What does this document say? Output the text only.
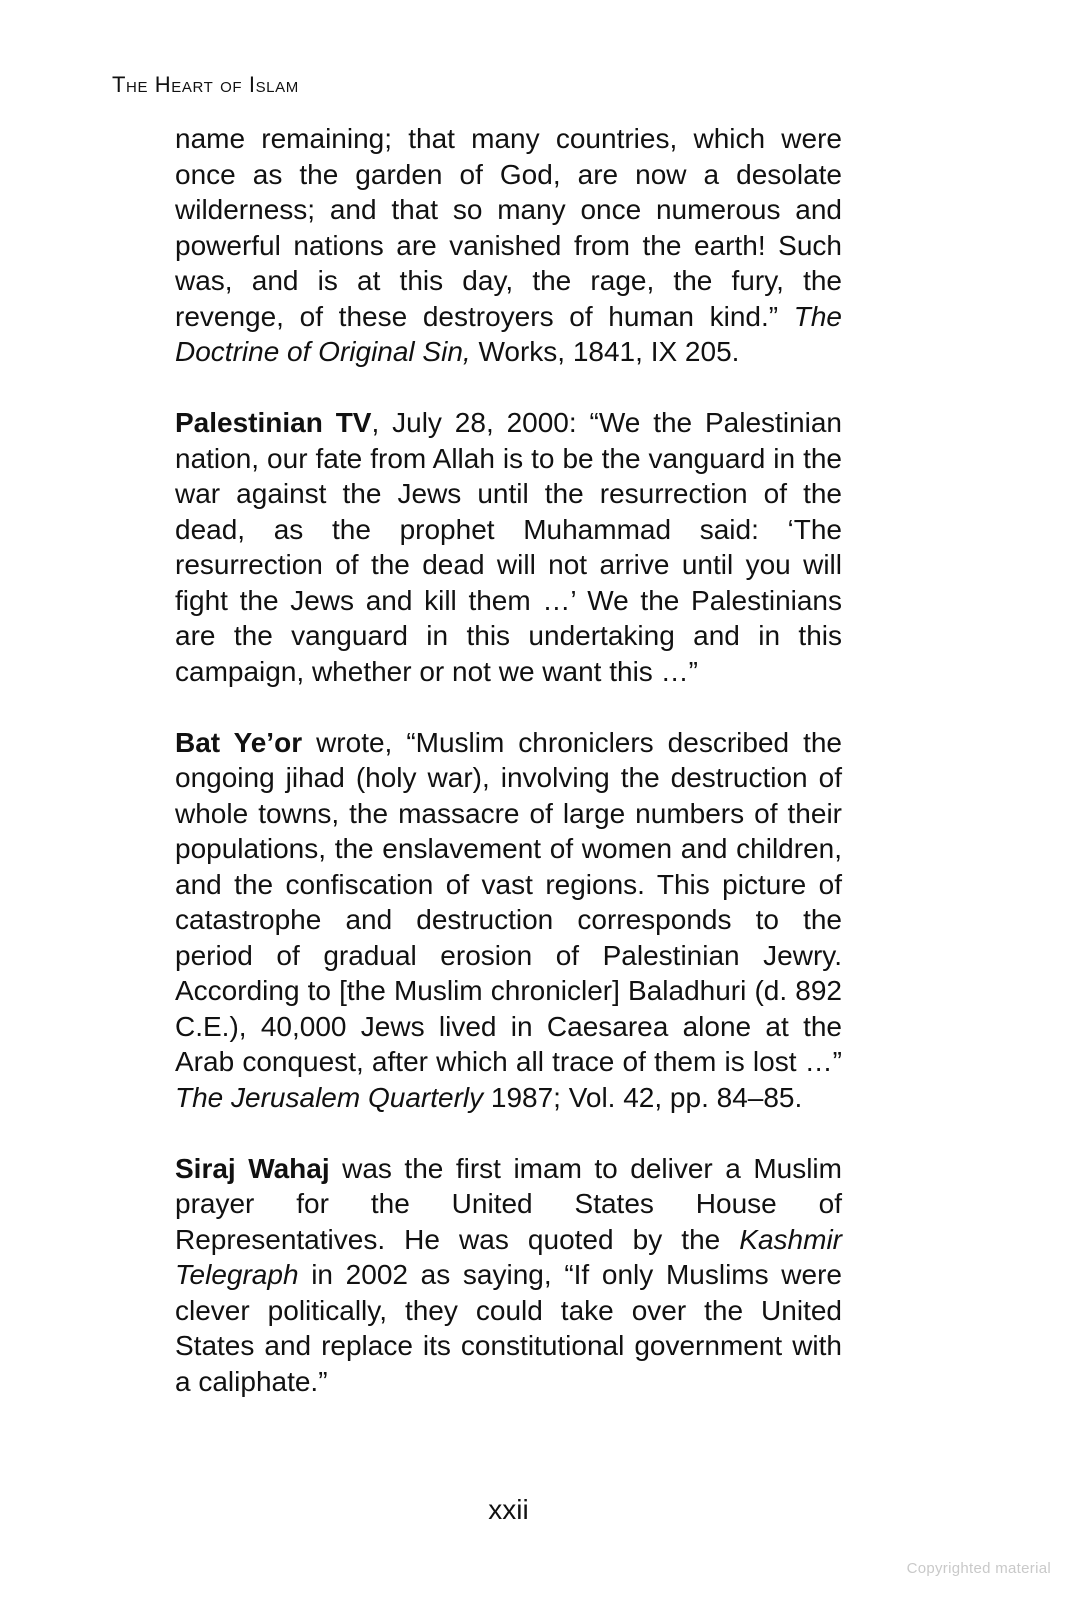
The Heart of Islam

name remaining; that many countries, which were once as the garden of God, are now a desolate wilderness; and that so many once numerous and powerful nations are vanished from the earth! Such was, and is at this day, the rage, the fury, the revenge, of these destroyers of human kind.” The Doctrine of Original Sin, Works, 1841, IX 205.

Palestinian TV, July 28, 2000: “We the Palestinian nation, our fate from Allah is to be the vanguard in the war against the Jews until the resurrection of the dead, as the prophet Muhammad said: ‘The resurrection of the dead will not arrive until you will fight the Jews and kill them …’ We the Palestinians are the vanguard in this undertaking and in this campaign, whether or not we want this …”

Bat Ye’or wrote, “Muslim chroniclers described the ongoing jihad (holy war), involving the destruction of whole towns, the massacre of large numbers of their populations, the enslavement of women and children, and the confiscation of vast regions. This picture of catastrophe and destruction corresponds to the period of gradual erosion of Palestinian Jewry. According to [the Muslim chronicler] Baladhuri (d. 892 C.E.), 40,000 Jews lived in Caesarea alone at the Arab conquest, after which all trace of them is lost …” The Jerusalem Quarterly 1987; Vol. 42, pp. 84–85.

Siraj Wahaj was the first imam to deliver a Muslim prayer for the United States House of Representatives. He was quoted by the Kashmir Telegraph in 2002 as saying, “If only Muslims were clever politically, they could take over the United States and replace its constitutional government with a caliphate.”

xxii
Copyrighted material
